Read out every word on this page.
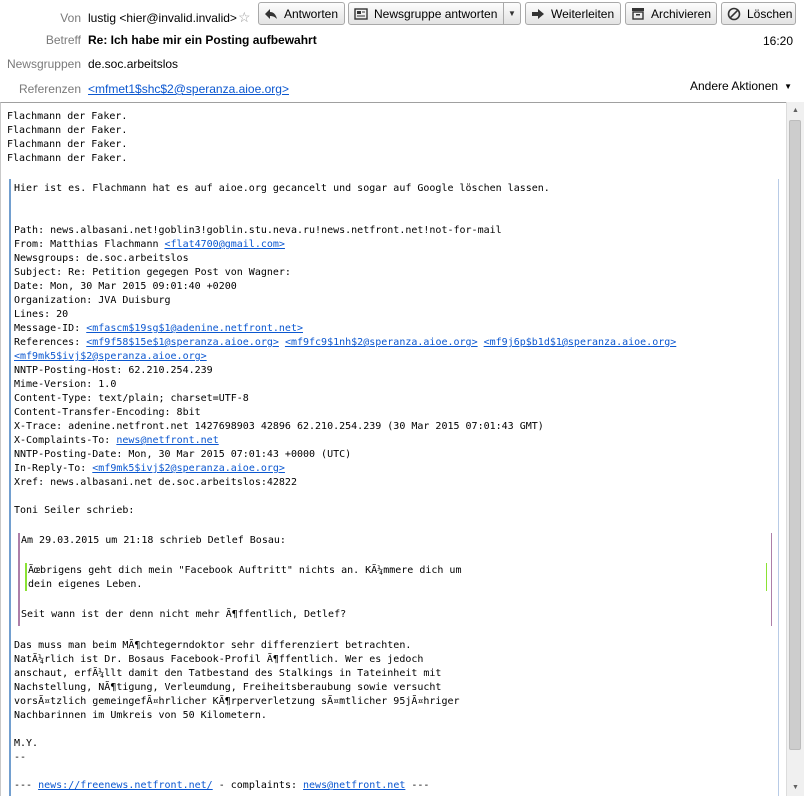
Von lustig <hier@invalid.invalid> ☆	Antworten	Newsgruppe antworten ▼	Weiterleiten	Archivieren	Löschen
Betreff Re: Ich habe mir ein Posting aufbewahrt	16:20
Newsgruppen de.soc.arbeitslos
Referenzen <mfmet1$shc$2@speranza.aioe.org>	Andere Aktionen ▼
Flachmann der Faker.
Flachmann der Faker.
Flachmann der Faker.
Flachmann der Faker.
Hier ist es. Flachmann hat es auf aioe.org gecancelt und sogar auf Google löschen lassen.
Path: news.albasani.net!goblin3!goblin.stu.neva.ru!news.netfront.net!not-for-mail
From: Matthias Flachmann <flat4700@gmail.com>
Newsgroups: de.soc.arbeitslos
Subject: Re: Petition gegegen Post von Wagner:
Date: Mon, 30 Mar 2015 09:01:40 +0200
Organization: JVA Duisburg
Lines: 20
Message-ID: <mfascm$19sg$1@adenine.netfront.net>
References: <mf9f58$15e$1@speranza.aioe.org> <mf9fc9$1nh$2@speranza.aioe.org> <mf9j6p$b1d$1@speranza.aioe.org>
<mf9mk5$ivj$2@speranza.aioe.org>
NNTP-Posting-Host: 62.210.254.239
Mime-Version: 1.0
Content-Type: text/plain; charset=UTF-8
Content-Transfer-Encoding: 8bit
X-Trace: adenine.netfront.net 1427698903 42896 62.210.254.239 (30 Mar 2015 07:01:43 GMT)
X-Complaints-To: news@netfront.net
NNTP-Posting-Date: Mon, 30 Mar 2015 07:01:43 +0000 (UTC)
In-Reply-To: <mf9mk5$ivj$2@speranza.aioe.org>
Xref: news.albasani.net de.soc.arbeitslos:42822
Toni Seiler schrieb:
Am 29.03.2015 um 21:18 schrieb Detlef Bosau:
Ãœbrigens geht dich mein "Facebook Auftritt" nichts an. KÃ¼mmere dich um
dein eigenes Leben.
Seit wann ist der denn nicht mehr Ã¶ffentlich, Detlef?
Das muss man beim MÃ¶chtegerndoktor sehr differenziert betrachten.
NatÃ¼rlich ist Dr. Bosaus Facebook-Profil Ã¶ffentlich. Wer es jedoch
anschaut, erfÃ¼llt damit den Tatbestand des Stalkings in Tateinheit mit
Nachstellung, NÃ¶tigung, Verleumdung, Freiheitsberaubung sowie versucht
vorsÃ¤tzlich gemeingefÃ¤hrlicher KÃ¶rperverletzung sÃ¤mtlicher 95jÃ¤hriger
Nachbarinnen im Umkreis von 50 Kilometern.
M.Y.
--
--- news://freenews.netfront.net/ - complaints: news@netfront.net ---
▲
▼
